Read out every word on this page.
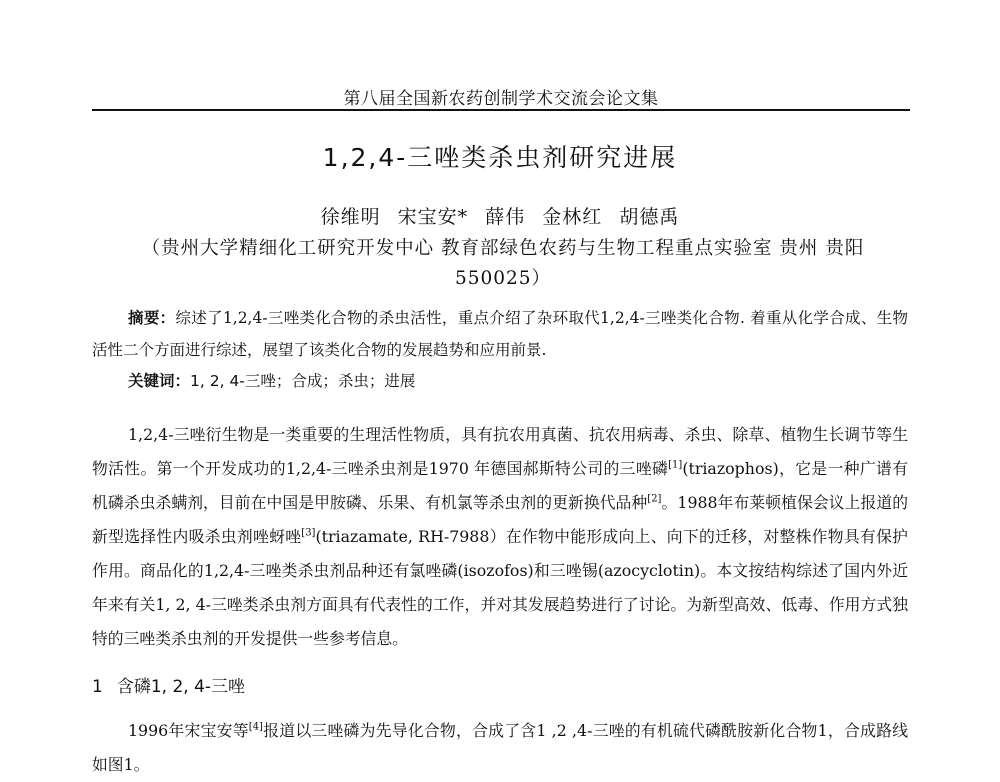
第八届全国新农药创制学术交流会论文集
1,2,4-三唑类杀虫剂研究进展
徐维明 宋宝安* 薛伟 金林红 胡德禹
（贵州大学精细化工研究开发中心 教育部绿色农药与生物工程重点实验室 贵州 贵阳 550025）
摘要：综述了1,2,4-三唑类化合物的杀虫活性，重点介绍了杂环取代1,2,4-三唑类化合物. 着重从化学合成、生物活性二个方面进行综述，展望了该类化合物的发展趋势和应用前景.
关键词：1, 2, 4-三唑；合成；杀虫；进展
1,2,4-三唑衍生物是一类重要的生理活性物质，具有抗农用真菌、抗农用病毒、杀虫、除草、植物生长调节等生物活性。第一个开发成功的1,2,4-三唑杀虫剂是1970 年德国郝斯特公司的三唑磷[1](triazophos)，它是一种广谱有机磷杀虫杀螨剂，目前在中国是甲胺磷、乐果、有机氯等杀虫剂的更新换代品种[2]。1988年布莱顿植保会议上报道的新型选择性内吸杀虫剂唑蚜唑[3](triazamate, RH-7988）在作物中能形成向上、向下的迁移，对整株作物具有保护作用。商品化的1,2,4-三唑类杀虫剂品种还有氯唑磷(isozofos)和三唑锡(azocyclotin)。本文按结构综述了国内外近年来有关1, 2, 4-三唑类杀虫剂方面具有代表性的工作，并对其发展趋势进行了讨论。为新型高效、低毒、作用方式独特的三唑类杀虫剂的开发提供一些参考信息。
1 含磷1, 2, 4-三唑
1996年宋宝安等[4]报道以三唑磷为先导化合物，合成了含1 ,2 ,4-三唑的有机硫代磷酰胺新化合物1，合成路线如图1。
